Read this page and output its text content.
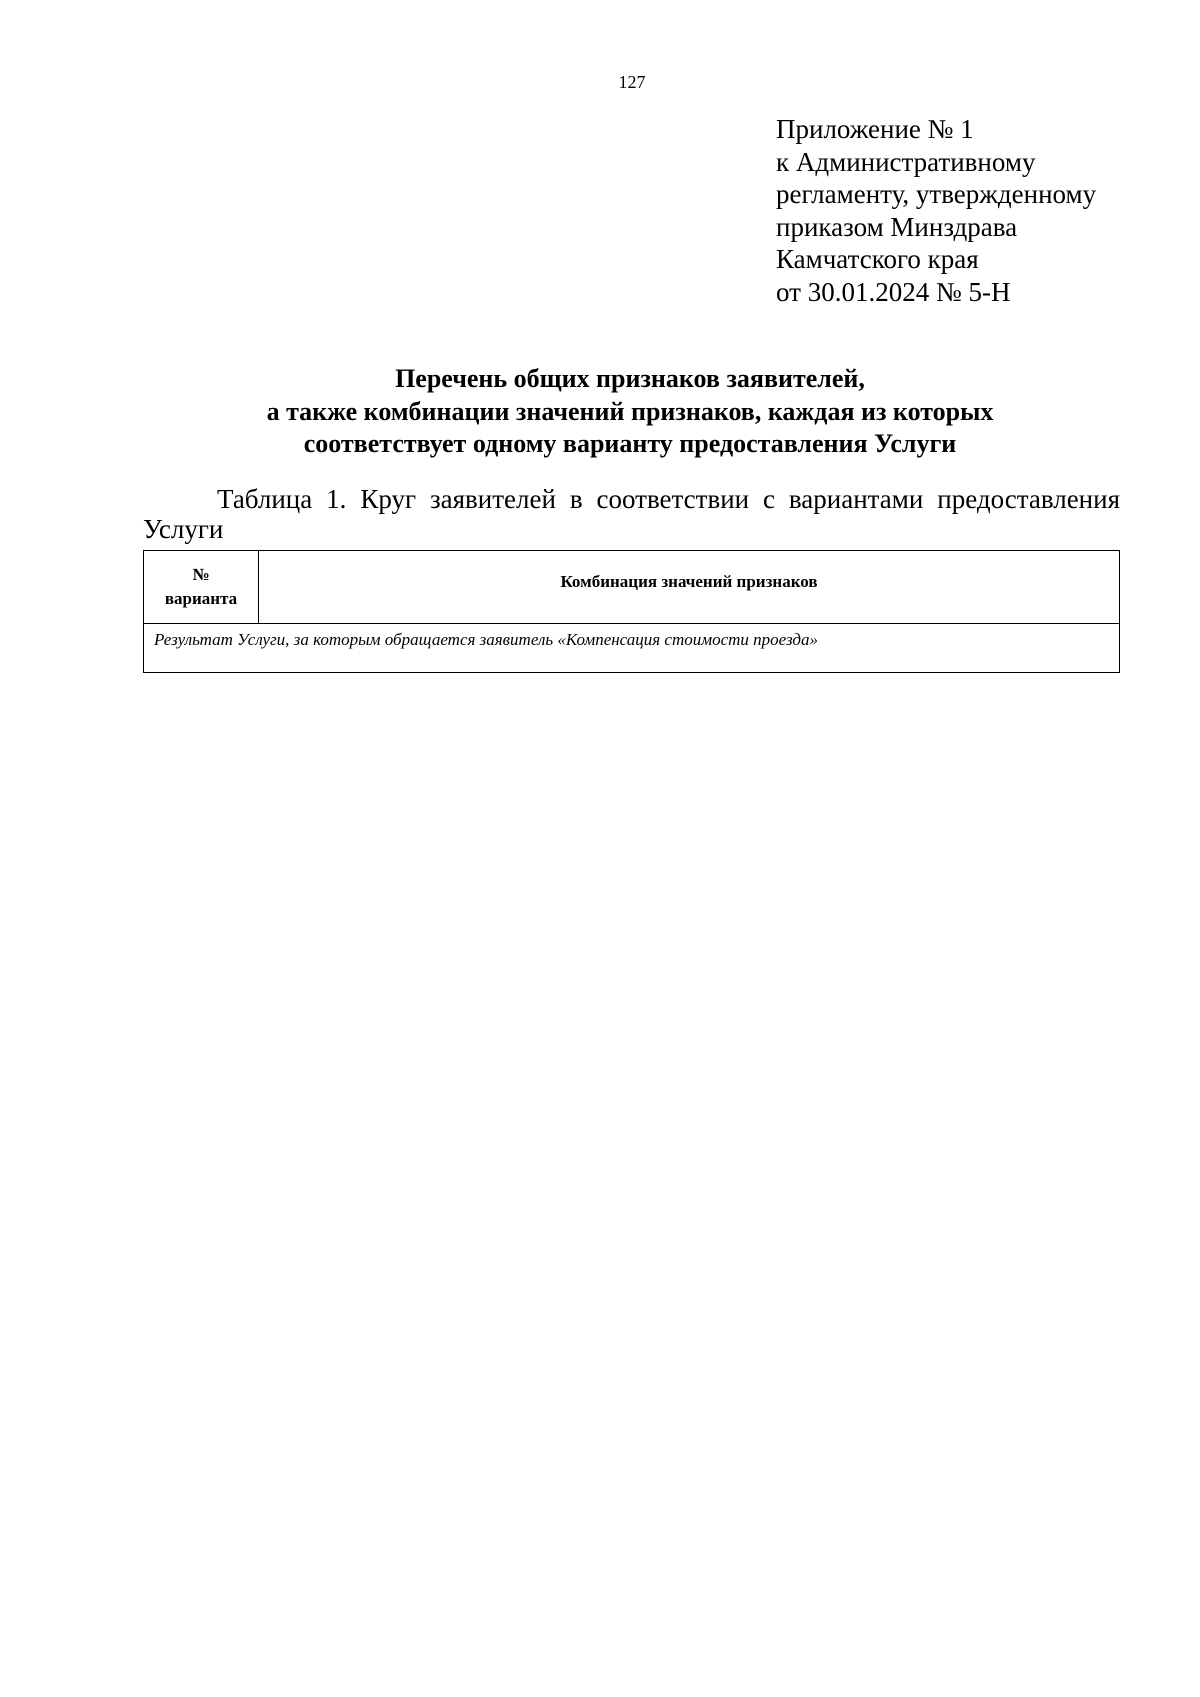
127
Приложение № 1
к Административному
регламенту, утвержденному
приказом Минздрава
Камчатского края
от 30.01.2024 № 5-Н
Перечень общих признаков заявителей,
а также комбинации значений признаков, каждая из которых
соответствует одному варианту предоставления Услуги
Таблица 1. Круг заявителей в соответствии с вариантами предоставления Услуги
№
варианта
	Комбинация значений признаков
Результат Услуги, за которым обращается заявитель «Компенсация стоимости проезда»
